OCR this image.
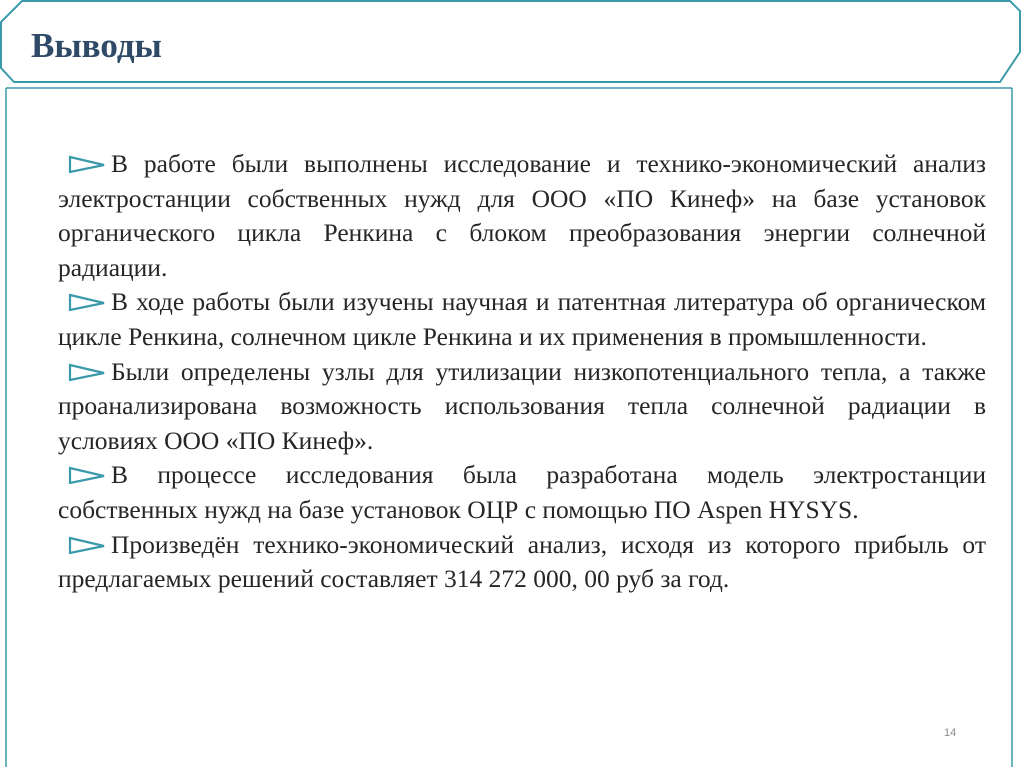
Выводы

В работе были выполнены исследование и технико-экономический анализ электростанции собственных нужд для ООО «ПО Кинеф» на базе установок органического цикла Ренкина с блоком преобразования энергии солнечной радиации.

В ходе работы были изучены научная и патентная литература об органическом цикле Ренкина, солнечном цикле Ренкина и их применения в промышленности.

Были определены узлы для утилизации низкопотенциального тепла, а также проанализирована возможность использования тепла солнечной радиации в условиях ООО «ПО Кинеф».

В процессе исследования была разработана модель электростанции собственных нужд на базе установок ОЦР с помощью ПО Aspen HYSYS.

Произведён технико-экономический анализ, исходя из которого прибыль от предлагаемых решений составляет 314 272 000, 00 руб за год.

14
